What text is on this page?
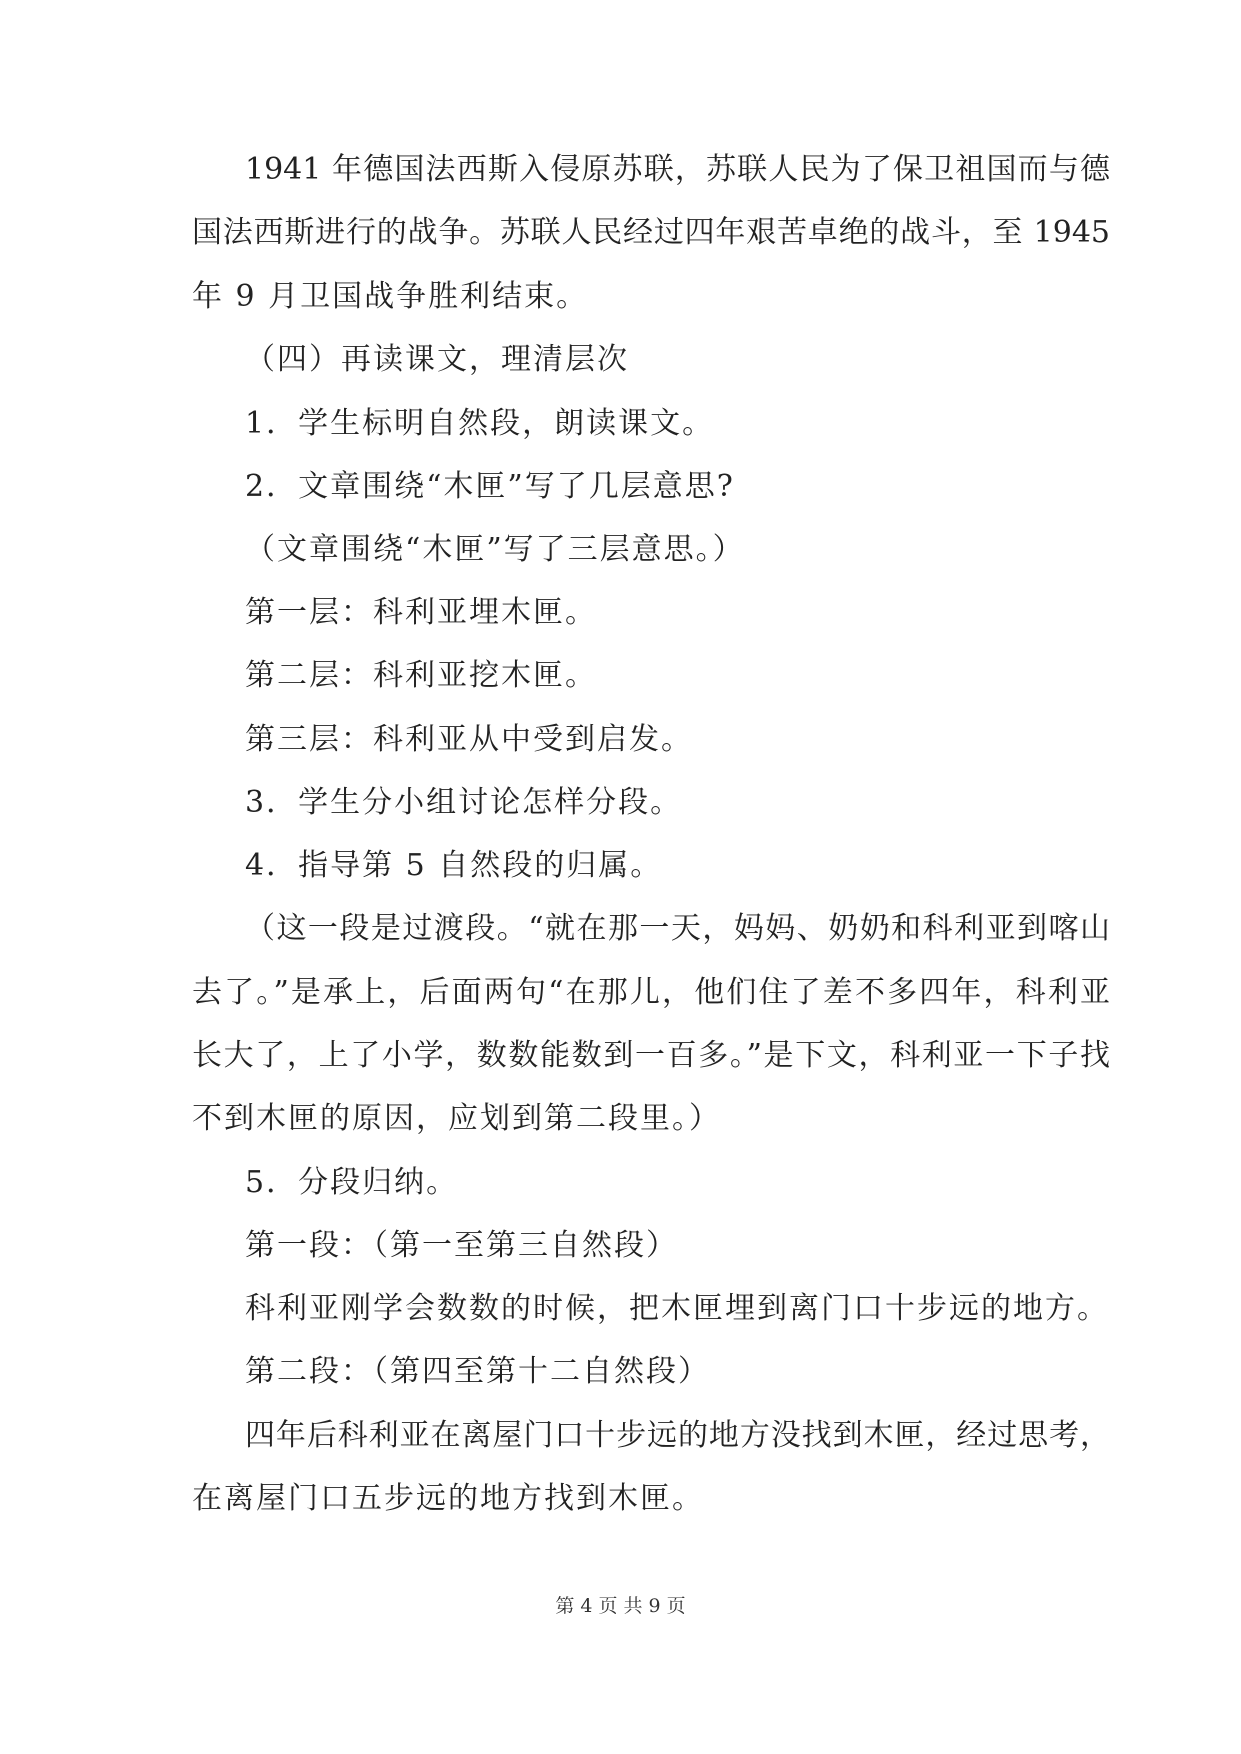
1941 年德国法西斯入侵原苏联，苏联人民为了保卫祖国而与德
国法西斯进行的战争。苏联人民经过四年艰苦卓绝的战斗，至 1945
年 9 月卫国战争胜利结束。
（四）再读课文，理清层次
1．学生标明自然段，朗读课文。
2．文章围绕“木匣”写了几层意思?
（文章围绕“木匣”写了三层意思。）
第一层：科利亚埋木匣。
第二层：科利亚挖木匣。
第三层：科利亚从中受到启发。
3．学生分小组讨论怎样分段。
4．指导第 5 自然段的归属。
（这一段是过渡段。“就在那一天，妈妈、奶奶和科利亚到喀山
去了。”是承上，后面两句“在那儿，他们住了差不多四年，科利亚
长大了，上了小学，数数能数到一百多。”是下文，科利亚一下子找
不到木匣的原因，应划到第二段里。）
5．分段归纳。
第一段：（第一至第三自然段）
科利亚刚学会数数的时候，把木匣埋到离门口十步远的地方。
第二段：（第四至第十二自然段）
四年后科利亚在离屋门口十步远的地方没找到木匣，经过思考，
在离屋门口五步远的地方找到木匣。
第 4 页 共 9 页
